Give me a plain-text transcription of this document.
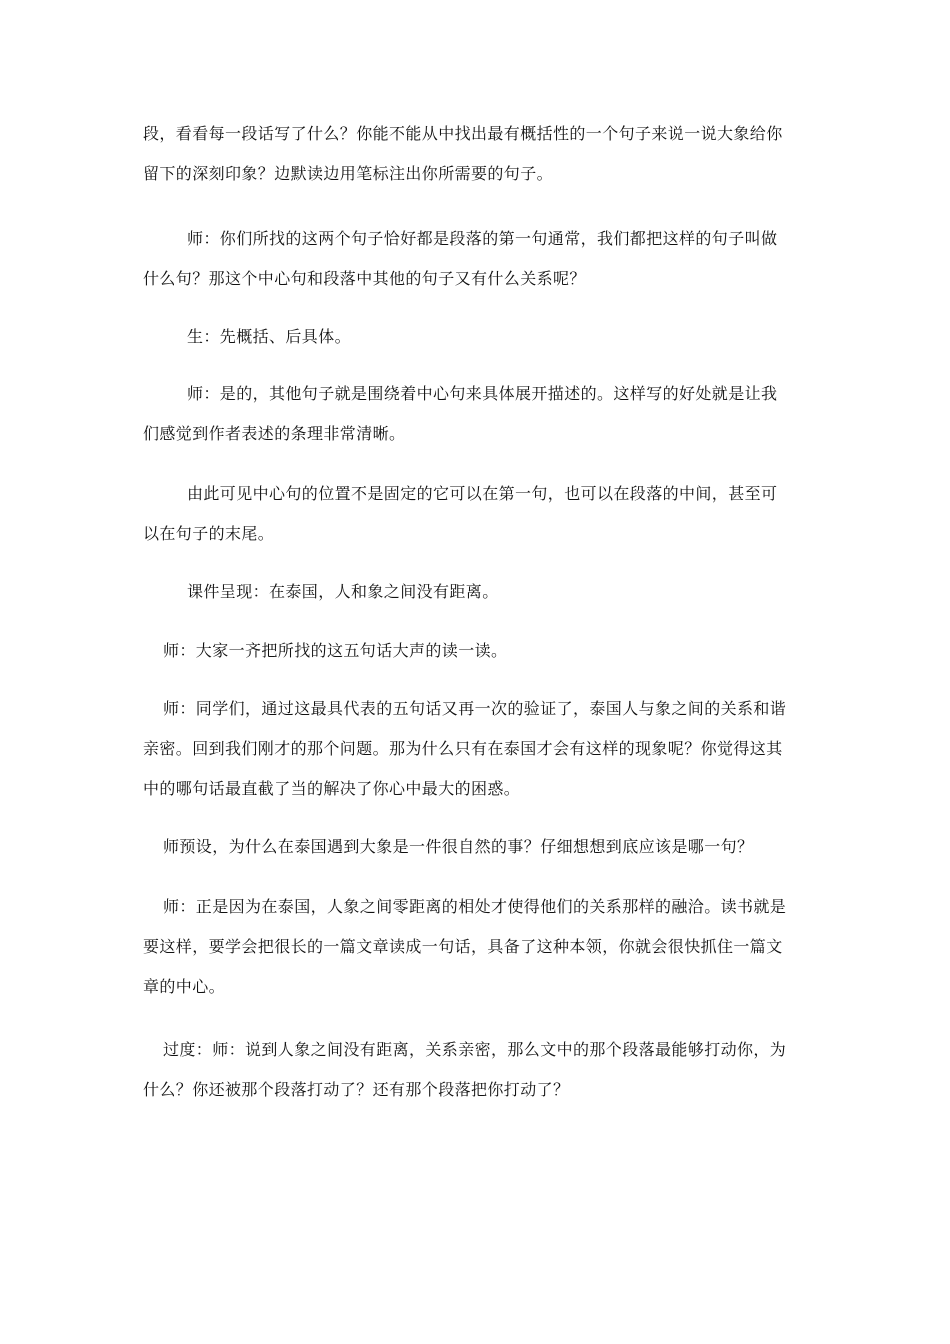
段，看看每一段话写了什么？你能不能从中找出最有概括性的一个句子来说一说大象给你
留下的深刻印象？边默读边用笔标注出你所需要的句子。
师：你们所找的这两个句子恰好都是段落的第一句通常，我们都把这样的句子叫做
什么句？那这个中心句和段落中其他的句子又有什么关系呢？
生：先概括、后具体。
师：是的，其他句子就是围绕着中心句来具体展开描述的。这样写的好处就是让我
们感觉到作者表述的条理非常清晰。
由此可见中心句的位置不是固定的它可以在第一句，也可以在段落的中间，甚至可
以在句子的末尾。
课件呈现：在泰国，人和象之间没有距离。
师：大家一齐把所找的这五句话大声的读一读。
师：同学们，通过这最具代表的五句话又再一次的验证了，泰国人与象之间的关系和谐
亲密。回到我们刚才的那个问题。那为什么只有在泰国才会有这样的现象呢？你觉得这其
中的哪句话最直截了当的解决了你心中最大的困惑。
师预设，为什么在泰国遇到大象是一件很自然的事？仔细想想到底应该是哪一句？
师：正是因为在泰国，人象之间零距离的相处才使得他们的关系那样的融洽。读书就是
要这样，要学会把很长的一篇文章读成一句话，具备了这种本领，你就会很快抓住一篇文
章的中心。
过度：师：说到人象之间没有距离，关系亲密，那么文中的那个段落最能够打动你，为
什么？你还被那个段落打动了？还有那个段落把你打动了？
